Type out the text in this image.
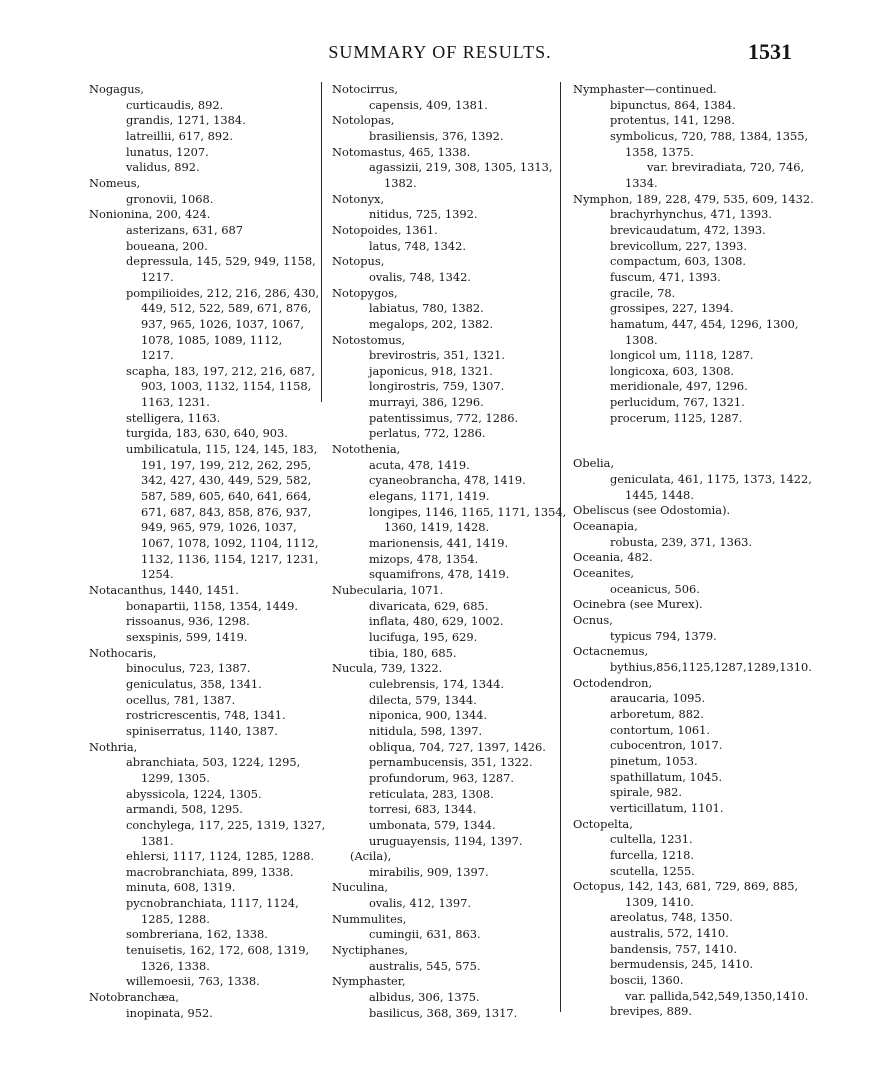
SUMMARY OF RESULTS.	1531
Nogagus,
curticaudis, 892.
grandis, 1271, 1384.
latreillii, 617, 892.
lunatus, 1207.
validus, 892.
Nomeus,
gronovii, 1068.
Nonionina, 200, 424.
asterizans, 631, 687
boueana, 200.
depressula, 145, 529, 949, 1158,
1217.
pompilioides, 212, 216, 286, 430,
449, 512, 522, 589, 671, 876,
937, 965, 1026, 1037, 1067,
1078, 1085, 1089, 1112,
1217.
scapha, 183, 197, 212, 216, 687,
903, 1003, 1132, 1154, 1158,
1163, 1231.
stelligera, 1163.
turgida, 183, 630, 640, 903.
umbilicatula, 115, 124, 145, 183,
191, 197, 199, 212, 262, 295,
342, 427, 430, 449, 529, 582,
587, 589, 605, 640, 641, 664,
671, 687, 843, 858, 876, 937,
949, 965, 979, 1026, 1037,
1067, 1078, 1092, 1104, 1112,
1132, 1136, 1154, 1217, 1231,
1254.
Notacanthus, 1440, 1451.
bonapartii, 1158, 1354, 1449.
rissoanus, 936, 1298.
sexspinis, 599, 1419.
Nothocaris,
binoculus, 723, 1387.
geniculatus, 358, 1341.
ocellus, 781, 1387.
rostricrescentis, 748, 1341.
spiniserratus, 1140, 1387.
Nothria,
abranchiata, 503, 1224, 1295,
1299, 1305.
abyssicola, 1224, 1305.
armandi, 508, 1295.
conchylega, 117, 225, 1319, 1327,
1381.
ehlersi, 1117, 1124, 1285, 1288.
macrobranchiata, 899, 1338.
minuta, 608, 1319.
pycnobranchiata, 1117, 1124,
1285, 1288.
sombreriana, 162, 1338.
tenuisetis, 162, 172, 608, 1319,
1326, 1338.
willemoesii, 763, 1338.
Notobranchæa,
inopinata, 952.
Notocirrus,
capensis, 409, 1381.
Notolopas,
brasiliensis, 376, 1392.
Notomastus, 465, 1338.
agassizii, 219, 308, 1305, 1313,
1382.
Notonyx,
nitidus, 725, 1392.
Notopoides, 1361.
latus, 748, 1342.
Notopus,
ovalis, 748, 1342.
Notopygos,
labiatus, 780, 1382.
megalops, 202, 1382.
Notostomus,
brevirostris, 351, 1321.
japonicus, 918, 1321.
longirostris, 759, 1307.
murrayi, 386, 1296.
patentissimus, 772, 1286.
perlatus, 772, 1286.
Notothenia,
acuta, 478, 1419.
cyaneobrancha, 478, 1419.
elegans, 1171, 1419.
longipes, 1146, 1165, 1171, 1354,
1360, 1419, 1428.
marionensis, 441, 1419.
mizops, 478, 1354.
squamifrons, 478, 1419.
Nubecularia, 1071.
divaricata, 629, 685.
inflata, 480, 629, 1002.
lucifuga, 195, 629.
tibia, 180, 685.
Nucula, 739, 1322.
culebrensis, 174, 1344.
dilecta, 579, 1344.
niponica, 900, 1344.
nitidula, 598, 1397.
obliqua, 704, 727, 1397, 1426.
pernambucensis, 351, 1322.
profundorum, 963, 1287.
reticulata, 283, 1308.
torresi, 683, 1344.
umbonata, 579, 1344.
uruguayensis, 1194, 1397.
(Acila),
mirabilis, 909, 1397.
Nuculina,
ovalis, 412, 1397.
Nummulites,
cumingii, 631, 863.
Nyctiphanes,
australis, 545, 575.
Nymphaster,
albidus, 306, 1375.
basilicus, 368, 369, 1317.
Nymphaster—continued.
bipunctus, 864, 1384.
protentus, 141, 1298.
symbolicus, 720, 788, 1384, 1355,
1358, 1375.
var. breviradiata, 720, 746,
1334.
Nymphon, 189, 228, 479, 535, 609, 1432.
brachyrhynchus, 471, 1393.
brevicaudatum, 472, 1393.
brevicollum, 227, 1393.
compactum, 603, 1308.
fuscum, 471, 1393.
gracile, 78.
grossipes, 227, 1394.
hamatum, 447, 454, 1296, 1300,
1308.
longicol um, 1118, 1287.
longicoxa, 603, 1308.
meridionale, 497, 1296.
perlucidum, 767, 1321.
procerum, 1125, 1287.
Obelia,
geniculata, 461, 1175, 1373, 1422,
1445, 1448.
Obeliscus (see Odostomia).
Oceanapia,
robusta, 239, 371, 1363.
Oceania, 482.
Oceanites,
oceanicus, 506.
Ocinebra (see Murex).
Ocnus,
typicus 794, 1379.
Octacnemus,
bythius,856,1125,1287,1289,1310.
Octodendron,
araucaria, 1095.
arboretum, 882.
contortum, 1061.
cubocentron, 1017.
pinetum, 1053.
spathillatum, 1045.
spirale, 982.
verticillatum, 1101.
Octopelta,
cultella, 1231.
furcella, 1218.
scutella, 1255.
Octopus, 142, 143, 681, 729, 869, 885,
1309, 1410.
areolatus, 748, 1350.
australis, 572, 1410.
bandensis, 757, 1410.
bermudensis, 245, 1410.
boscii, 1360.
var. pallida,542,549,1350,1410.
brevipes, 889.
